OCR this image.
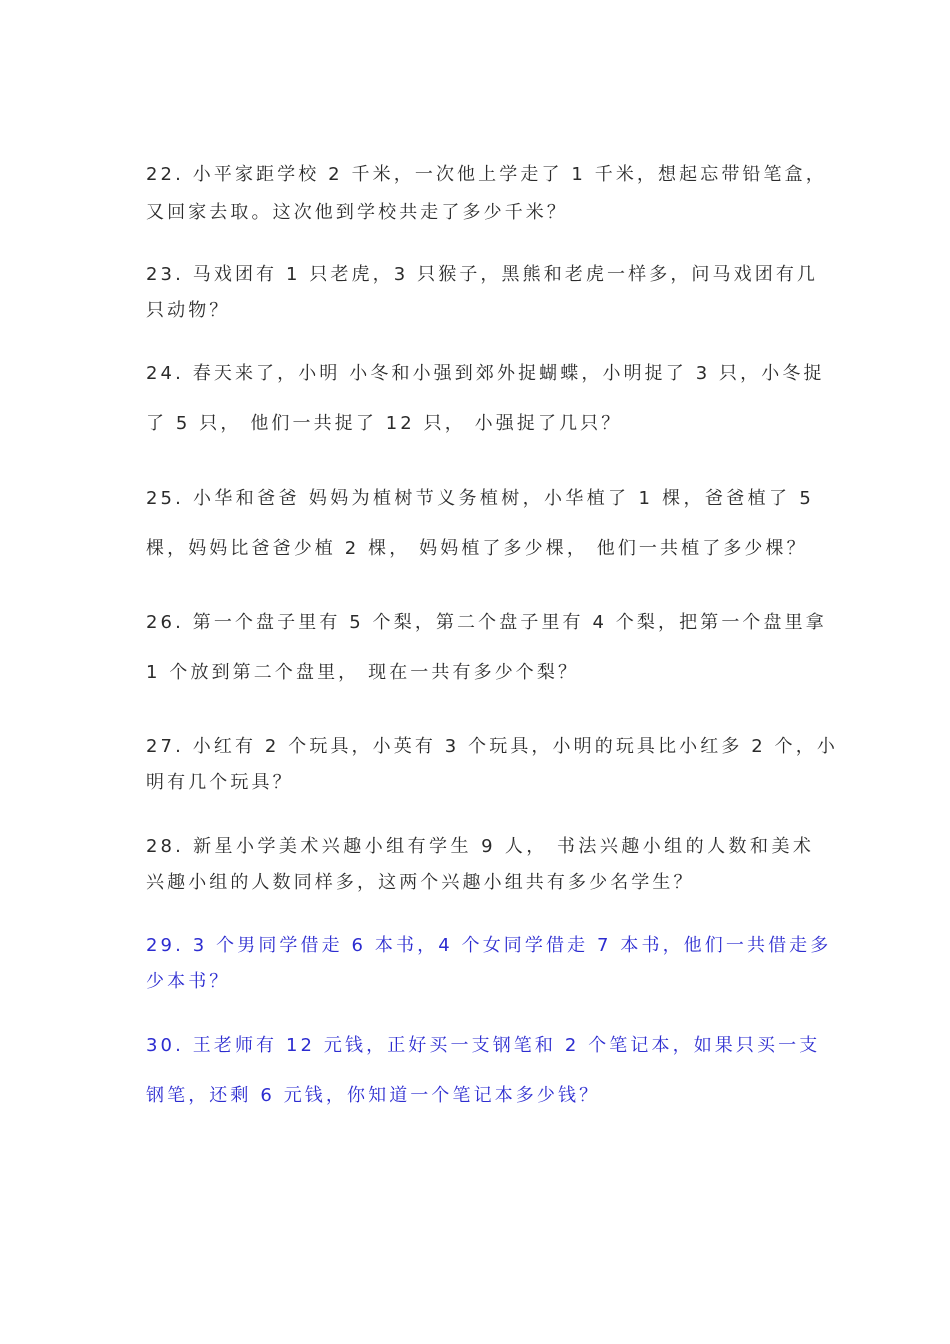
22. 小平家距学校 2 千米，一次他上学走了 1 千米，想起忘带铅笔盒，
又回家去取。这次他到学校共走了多少千米？
23. 马戏团有 1 只老虎，3 只猴子，黑熊和老虎一样多，问马戏团有几
只动物？
24. 春天来了，小明 小冬和小强到郊外捉蝴蝶，小明捉了 3 只，小冬捉
了 5 只， 他们一共捉了 12 只， 小强捉了几只？
25. 小华和爸爸 妈妈为植树节义务植树，小华植了 1 棵，爸爸植了 5
棵，妈妈比爸爸少植 2 棵， 妈妈植了多少棵， 他们一共植了多少棵？
26. 第一个盘子里有 5 个梨，第二个盘子里有 4 个梨，把第一个盘里拿
1 个放到第二个盘里， 现在一共有多少个梨？
27. 小红有 2 个玩具，小英有 3 个玩具，小明的玩具比小红多 2 个，小
明有几个玩具？
28. 新星小学美术兴趣小组有学生 9 人， 书法兴趣小组的人数和美术
兴趣小组的人数同样多，这两个兴趣小组共有多少名学生？
29. 3 个男同学借走 6 本书，4 个女同学借走 7 本书，他们一共借走多
少本书？
30. 王老师有 12 元钱，正好买一支钢笔和 2 个笔记本，如果只买一支
钢笔，还剩 6 元钱，你知道一个笔记本多少钱？
